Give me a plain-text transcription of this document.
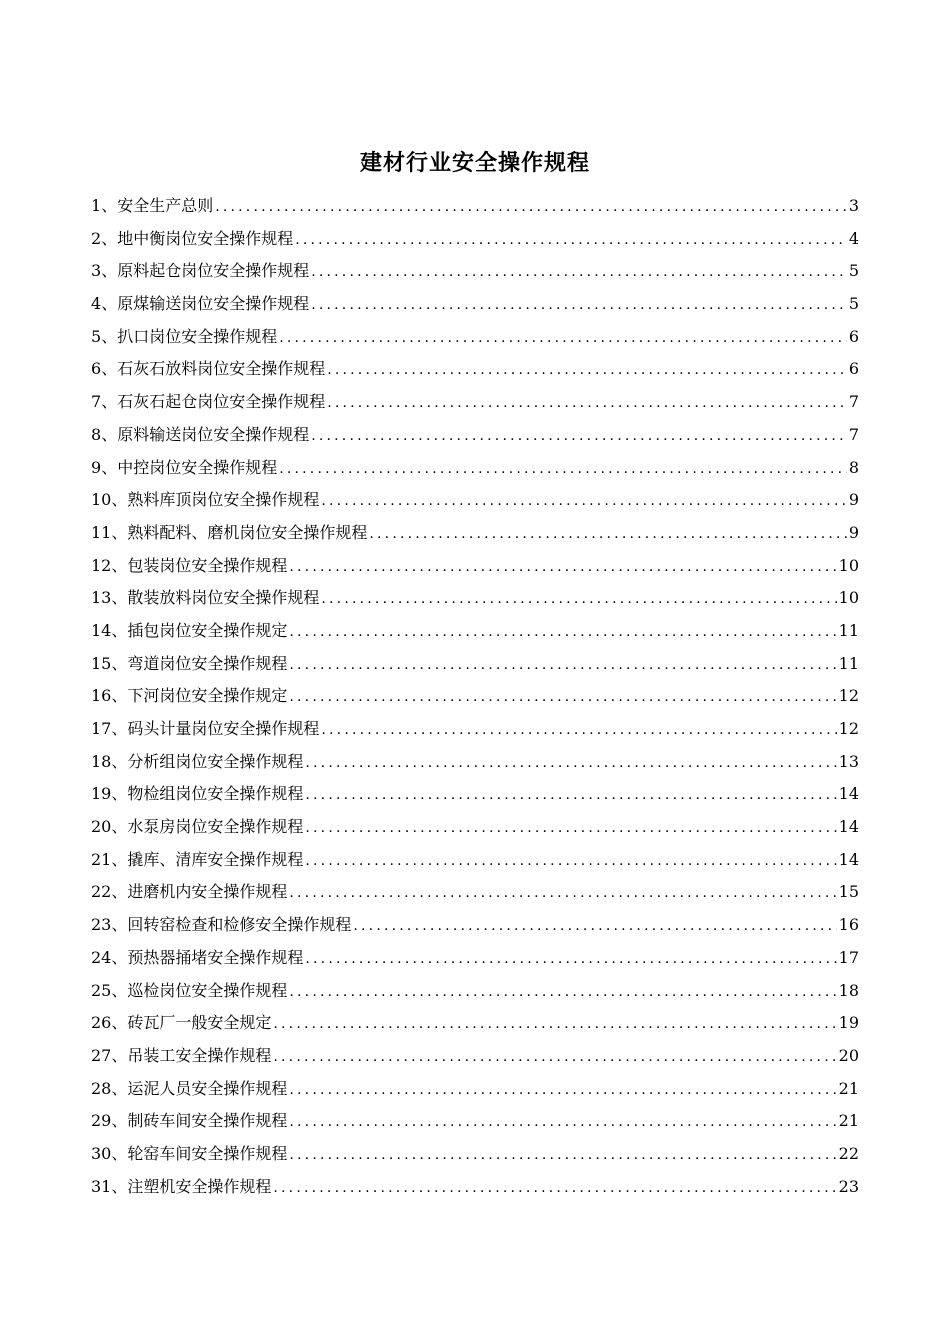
建材行业安全操作规程
1 、安全生产总则 .....	3
2 、地中衡岗位安全操作规程 .....	4
3 、原料起仓岗位安全操作规程 .....	5
4 、原煤输送岗位安全操作规程 .....	5
5 、扒口岗位安全操作规程 .....	6
6 、石灰石放料岗位安全操作规程 .....	6
7 、石灰石起仓岗位安全操作规程 .....	7
8 、原料输送岗位安全操作规程 .....	7
9 、中控岗位安全操作规程 .....	8
10 、熟料库顶岗位安全操作规程 .....	9
11 、熟料配料、磨机岗位安全操作规程 .....	9
12 、包装岗位安全操作规程 .....	10
13 、散装放料岗位安全操作规程 .....	10
14 、插包岗位安全操作规定 .....	11
15 、弯道岗位安全操作规程 .....	11
16 、下河岗位安全操作规定 .....	12
17 、码头计量岗位安全操作规程 .....	12
18 、分析组岗位安全操作规程 .....	13
19 、物检组岗位安全操作规程 .....	14
20 、水泵房岗位安全操作规程 .....	14
21 、撬库、清库安全操作规程 .....	14
22 、进磨机内安全操作规程 .....	15
23 、回转窑检查和检修安全操作规程 .....	16
24 、预热器捅堵安全操作规程 .....	17
25 、巡检岗位安全操作规程 .....	18
26 、砖瓦厂一般安全规定 .....	19
27 、吊装工安全操作规程 .....	20
28 、运泥人员安全操作规程 .....	21
29 、制砖车间安全操作规程 .....	21
30 、轮窑车间安全操作规程 .....	22
31 、注塑机安全操作规程 .....	23
